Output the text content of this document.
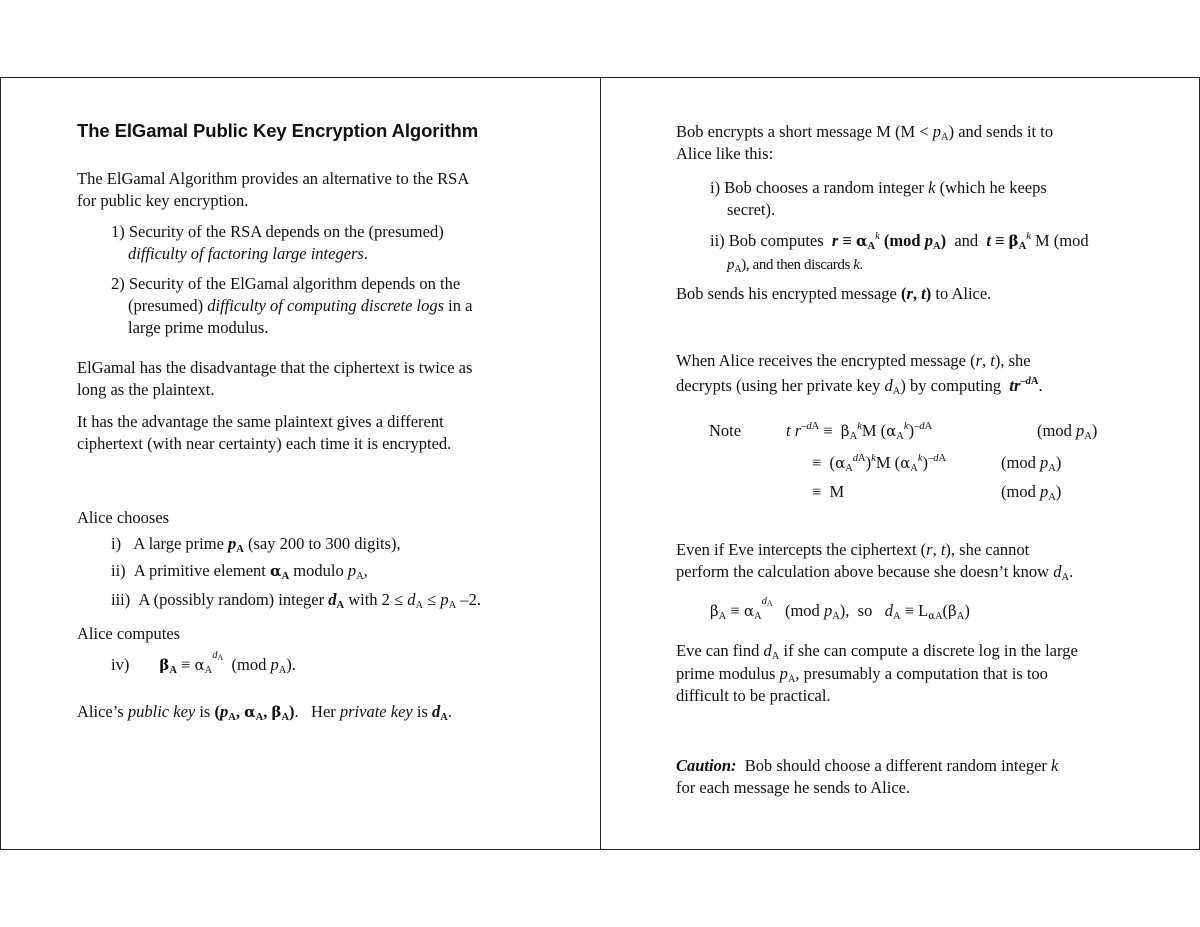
The ElGamal Public Key Encryption Algorithm
The ElGamal Algorithm provides an alternative to the RSA
for public key encryption.
1) Security of the RSA depends on the (presumed)
difficulty of factoring large integers.
2) Security of the ElGamal algorithm depends on the
(presumed) difficulty of computing discrete logs in a
large prime modulus.
ElGamal has the disadvantage that the ciphertext is twice as
long as the plaintext.
It has the advantage the same plaintext gives a different
ciphertext (with near certainty) each time it is encrypted.
Alice chooses
i) A large prime $p_A$ (say 200 to 300 digits),
ii) A primitive element $\alpha_A$ modulo $p_A$,
iii) A (possibly random) integer $d_A$ with $2 \le d_A \le p_A$ –2.
Alice computes
iv) $\beta_A \equiv \alpha_A^{dA}$ (mod $p_A$).
Alice’s public key is ($p_A$, $\alpha_A$, $\beta_A$).   Her private key is $d_A$.
Bob encrypts a short message M $(M < p_A)$ and sends it to
Alice like this:
i) Bob chooses a random integer k (which he keeps
secret).
ii) Bob computes  $r \equiv \alpha_A^k$ (mod $p_A$)  and  $t \equiv \beta_A^k$ M (mod
$p_A$), and then discards k.
Bob sends his encrypted message (r, t) to Alice.
When Alice receives the encrypted message (r, t), she
decrypts (using her private key $d_A$) by computing  $tr^{-dA}$.
Note	t $r^{-dA} \equiv \beta_A^kM$ $(\alpha_A^k)^{-dA}$	(mod $p_A$)
≡  $(\alpha_A^{dA})^kM$ $(\alpha_A^k)^{-dA}$	(mod $p_A$)
≡  M	(mod $p_A$)
Even if Eve intercepts the ciphertext (r, t), she cannot
perform the calculation above because she doesn’t know $d_A$.
$\beta_A \equiv \alpha_A^{dA}$   (mod $p_A$),  so   $d_A \equiv L_{\alpha A}(\beta_A)$
Eve can find $d_A$ if she can compute a discrete log in the large
prime modulus $p_A$, presumably a computation that is too
difficult to be practical.
Caution: Bob should choose a different random integer k
for each message he sends to Alice.
